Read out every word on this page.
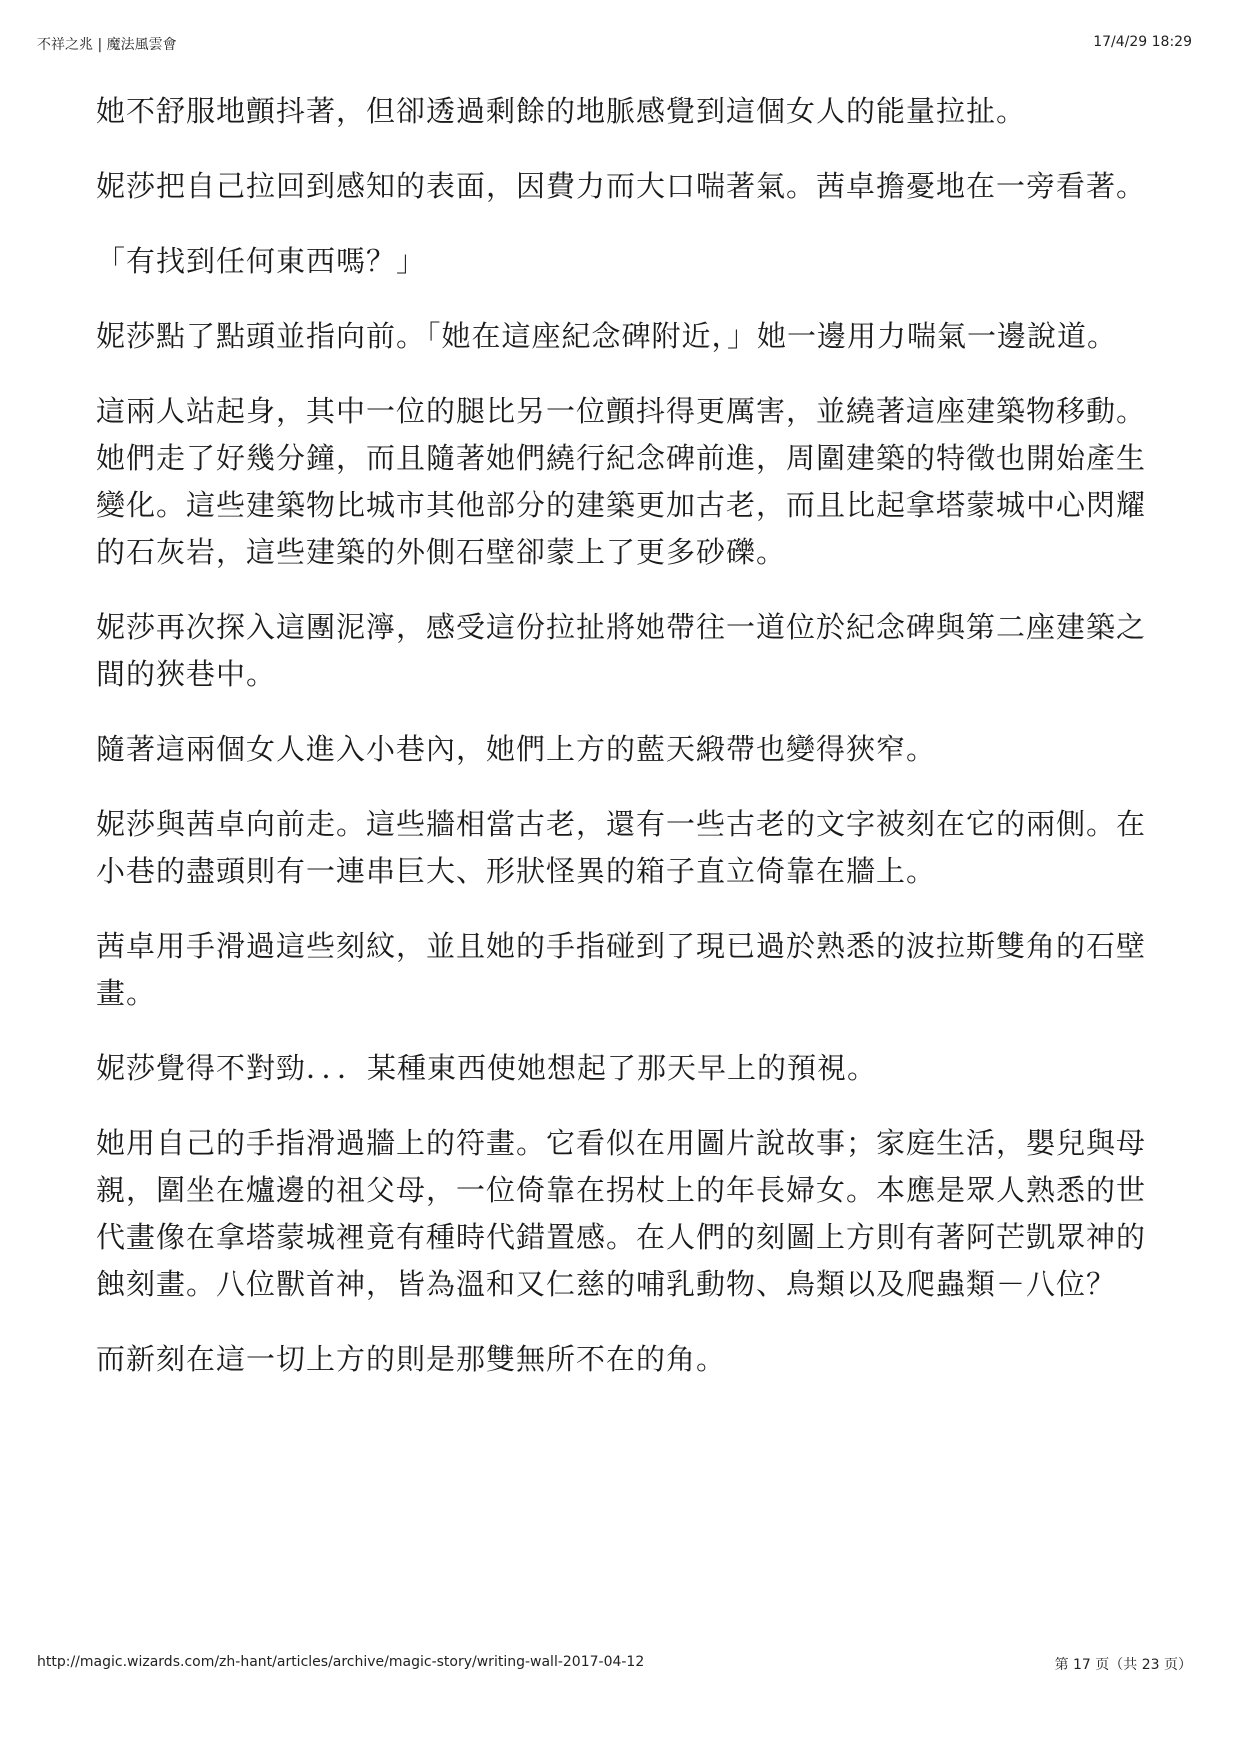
不祥之兆 | 魔法風雲會	17/4/29 18:29

她不舒服地顫抖著，但卻透過剩餘的地脈感覺到這個女人的能量拉扯。

妮莎把自己拉回到感知的表面，因費力而大口喘著氣。茜卓擔憂地在一旁看著。

「有找到任何東西嗎？」

妮莎點了點頭並指向前。「她在這座紀念碑附近，」她一邊用力喘氣一邊說道。

這兩人站起身，其中一位的腿比另一位顫抖得更厲害，並繞著這座建築物移動。她們走了好幾分鐘，而且隨著她們繞行紀念碑前進，周圍建築的特徵也開始產生變化。這些建築物比城市其他部分的建築更加古老，而且比起拿塔蒙城中心閃耀的石灰岩，這些建築的外側石壁卻蒙上了更多砂礫。

妮莎再次探入這團泥濘，感受這份拉扯將她帶往一道位於紀念碑與第二座建築之間的狹巷中。

隨著這兩個女人進入小巷內，她們上方的藍天緞帶也變得狹窄。

妮莎與茜卓向前走。這些牆相當古老，還有一些古老的文字被刻在它的兩側。在小巷的盡頭則有一連串巨大、形狀怪異的箱子直立倚靠在牆上。

茜卓用手滑過這些刻紋，並且她的手指碰到了現已過於熟悉的波拉斯雙角的石壁畫。

妮莎覺得不對勁．．．某種東西使她想起了那天早上的預視。

她用自己的手指滑過牆上的符畫。它看似在用圖片說故事；家庭生活，嬰兒與母親，圍坐在爐邊的祖父母，一位倚靠在拐杖上的年長婦女。本應是眾人熟悉的世代畫像在拿塔蒙城裡竟有種時代錯置感。在人們的刻圖上方則有著阿芒凱眾神的蝕刻畫。八位獸首神，皆為溫和又仁慈的哺乳動物、鳥類以及爬蟲類－八位？

而新刻在這一切上方的則是那雙無所不在的角。

http://magic.wizards.com/zh-hant/articles/archive/magic-story/writing-wall-2017-04-12	第 17 页（共 23 页）
